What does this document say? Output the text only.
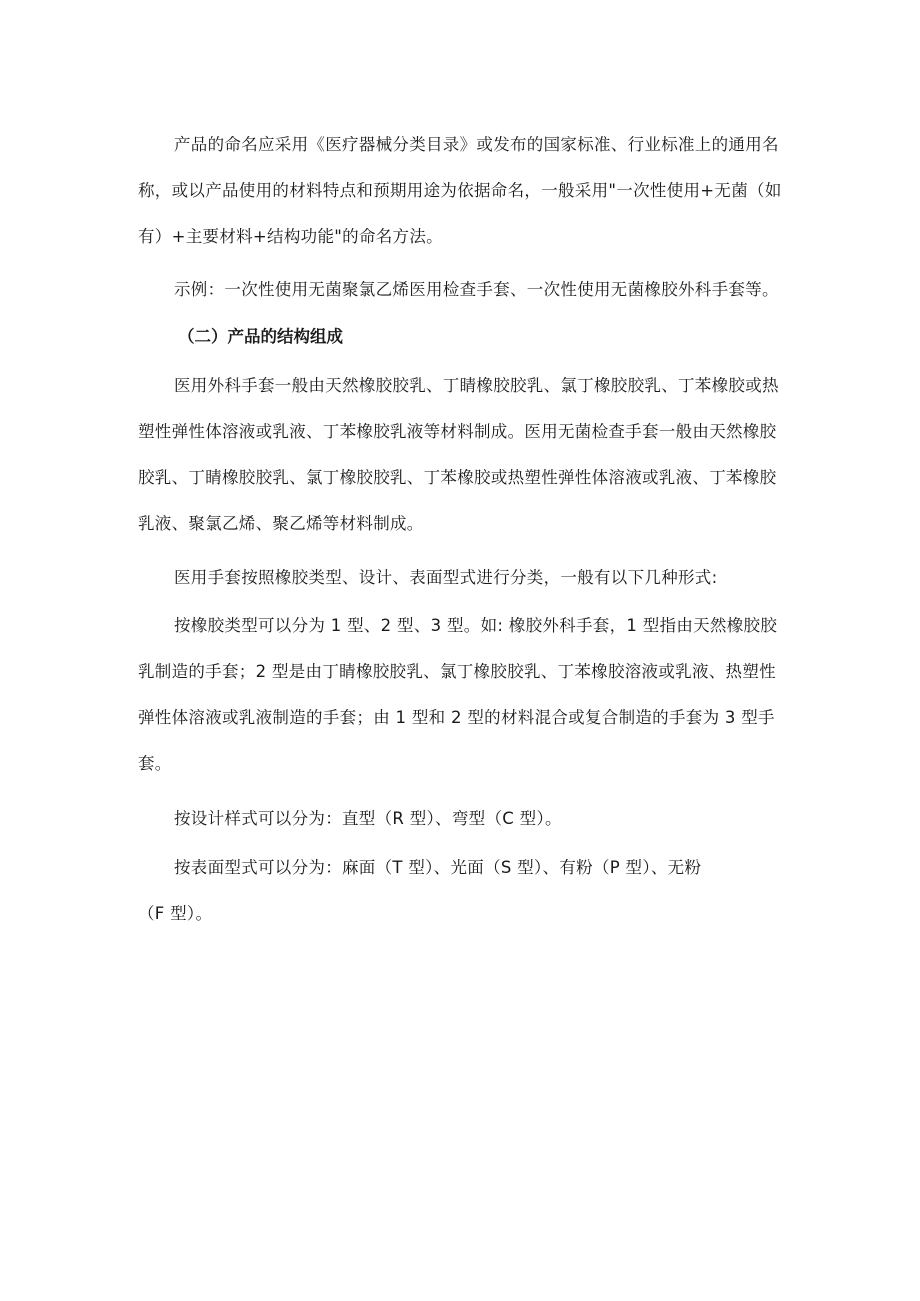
产品的命名应采用《医疗器械分类目录》或发布的国家标准、行业标准上的通用名
称，或以产品使用的材料特点和预期用途为依据命名，一般采用"一次性使用+无菌（如
有）+主要材料+结构功能"的命名方法。
示例：一次性使用无菌聚氯乙烯医用检查手套、一次性使用无菌橡胶外科手套等。
（二）产品的结构组成
医用外科手套一般由天然橡胶胶乳、丁睛橡胶胶乳、氯丁橡胶胶乳、丁苯橡胶或热
塑性弹性体溶液或乳液、丁苯橡胶乳液等材料制成。医用无菌检查手套一般由天然橡胶
胶乳、丁睛橡胶胶乳、氯丁橡胶胶乳、丁苯橡胶或热塑性弹性体溶液或乳液、丁苯橡胶
乳液、聚氯乙烯、聚乙烯等材料制成。
医用手套按照橡胶类型、设计、表面型式进行分类，一般有以下几种形式:
按橡胶类型可以分为 1 型、2 型、3 型。如: 橡胶外科手套，1 型指由天然橡胶胶
乳制造的手套；2 型是由丁睛橡胶胶乳、氯丁橡胶胶乳、丁苯橡胶溶液或乳液、热塑性
弹性体溶液或乳液制造的手套；由 1 型和 2 型的材料混合或复合制造的手套为 3 型手
套。
按设计样式可以分为：直型（R 型）、弯型（C 型）。
按表面型式可以分为：麻面（T 型）、光面（S 型）、有粉（P 型）、无粉
（F 型）。
